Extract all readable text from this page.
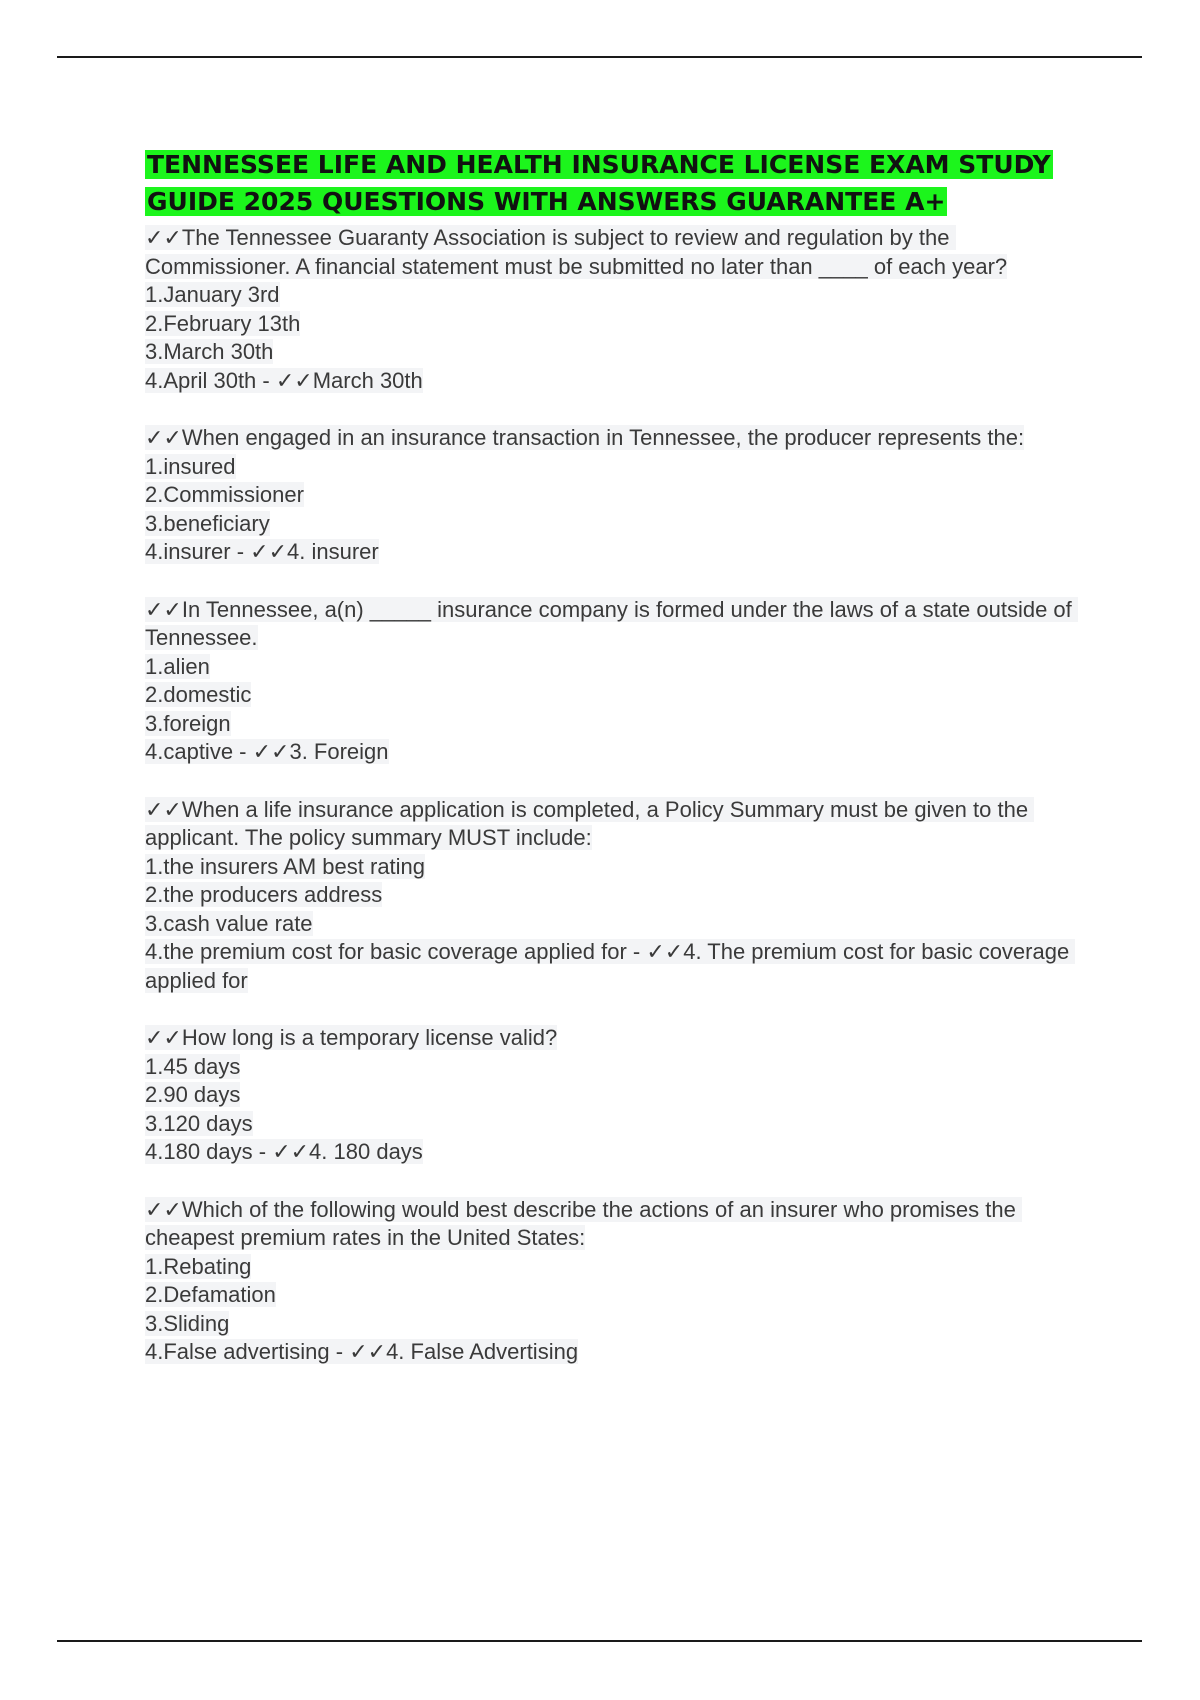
TENNESSEE LIFE AND HEALTH INSURANCE LICENSE EXAM STUDY GUIDE 2025 QUESTIONS WITH ANSWERS GUARANTEE A+
✓✓The Tennessee Guaranty Association is subject to review and regulation by the Commissioner. A financial statement must be submitted no later than ____ of each year?
1.January 3rd
2.February 13th
3.March 30th
4.April 30th - ✓✓March 30th
✓✓When engaged in an insurance transaction in Tennessee, the producer represents the:
1.insured
2.Commissioner
3.beneficiary
4.insurer - ✓✓4. insurer
✓✓In Tennessee, a(n) _____ insurance company is formed under the laws of a state outside of Tennessee.
1.alien
2.domestic
3.foreign
4.captive - ✓✓3. Foreign
✓✓When a life insurance application is completed, a Policy Summary must be given to the applicant. The policy summary MUST include:
1.the insurers AM best rating
2.the producers address
3.cash value rate
4.the premium cost for basic coverage applied for - ✓✓4. The premium cost for basic coverage applied for
✓✓How long is a temporary license valid?
1.45 days
2.90 days
3.120 days
4.180 days - ✓✓4. 180 days
✓✓Which of the following would best describe the actions of an insurer who promises the cheapest premium rates in the United States:
1.Rebating
2.Defamation
3.Sliding
4.False advertising - ✓✓4. False Advertising
